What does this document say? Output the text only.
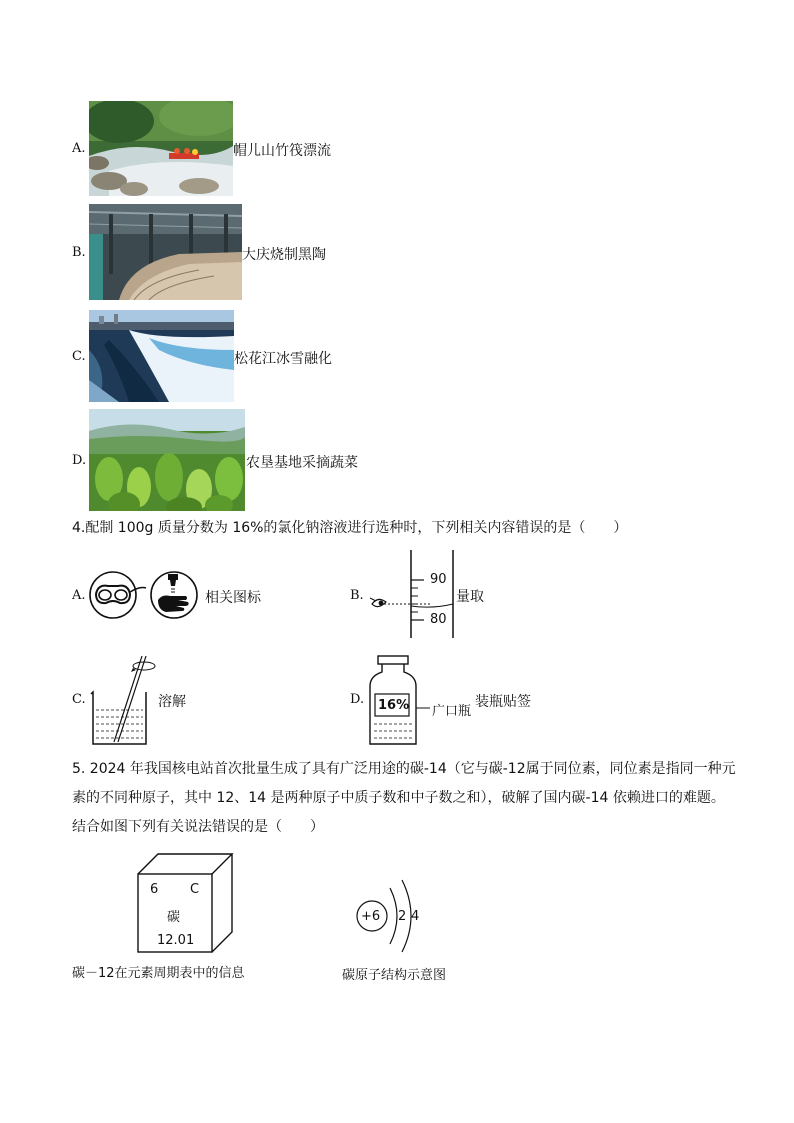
A.	帽儿山竹筏漂流
B.	大庆烧制黑陶
C.	松花江冰雪融化
D.	农垦基地采摘蔬菜
4.配制 100g 质量分数为 16%的氯化钠溶液进行选种时，下列相关内容错误的是（　　）
A.	相关图标	B.
90
80
量取
C.	溶解	D. 16% 广口瓶
装瓶贴签
5. 2024 年我国核电站首次批量生成了具有广泛用途的碳-14（它与碳-12属于同位素，同位素是指同一种元
素的不同种原子，其中 12、14 是两种原子中质子数和中子数之和），破解了国内碳-14 依赖进口的难题。
结合如图下列有关说法错误的是（　　）
6 C
碳
12.01
碳－12在元素周期表中的信息
+6 2 4
碳原子结构示意图
